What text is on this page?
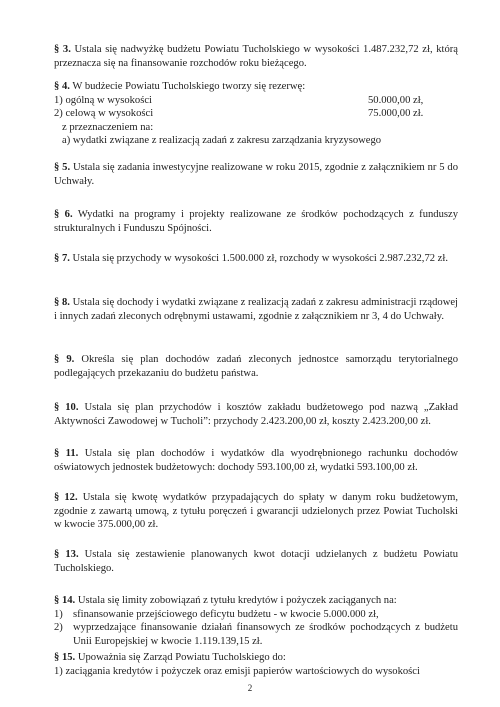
§ 3. Ustala się nadwyżkę budżetu Powiatu Tucholskiego w wysokości 1.487.232,72 zł, którą przeznacza się na finansowanie rozchodów roku bieżącego.

§ 4. W budżecie Powiatu Tucholskiego tworzy się rezerwę:
1) ogólną w wysokości	50.000,00 zł,
2) celową w wysokości	75.000,00 zł.
z przeznaczeniem na:
a) wydatki związane z realizacją zadań z zakresu zarządzania kryzysowego

§ 5. Ustala się zadania inwestycyjne realizowane w roku 2015, zgodnie z załącznikiem nr 5 do Uchwały.

§ 6. Wydatki na programy i projekty realizowane ze środków pochodzących z funduszy strukturalnych i Funduszu Spójności.

§ 7. Ustala się przychody w wysokości 1.500.000 zł, rozchody w wysokości 2.987.232,72 zł.

§ 8. Ustala się dochody i wydatki związane z realizacją zadań z zakresu administracji rządowej i innych zadań zleconych odrębnymi ustawami, zgodnie z załącznikiem nr 3, 4 do Uchwały.

§ 9. Określa się plan dochodów zadań zleconych jednostce samorządu terytorialnego podlegających przekazaniu do budżetu państwa.

§ 10. Ustala się plan przychodów i kosztów zakładu budżetowego pod nazwą „Zakład Aktywności Zawodowej w Tucholi”: przychody 2.423.200,00 zł, koszty 2.423.200,00 zł.

§ 11. Ustala się plan dochodów i wydatków dla wyodrębnionego rachunku dochodów oświatowych jednostek budżetowych: dochody 593.100,00 zł, wydatki 593.100,00 zł.

§ 12. Ustala się kwotę wydatków przypadających do spłaty w danym roku budżetowym, zgodnie z zawartą umową, z tytułu poręczeń i gwarancji udzielonych przez Powiat Tucholski w kwocie 375.000,00 zł.

§ 13. Ustala się zestawienie planowanych kwot dotacji udzielanych z budżetu Powiatu Tucholskiego.

§ 14. Ustala się limity zobowiązań z tytułu kredytów i pożyczek zaciąganych na:
1) sfinansowanie przejściowego deficytu budżetu - w kwocie 5.000.000 zł,
2) wyprzedzające finansowanie działań finansowych ze środków pochodzących z budżetu Unii Europejskiej w kwocie 1.119.139,15 zł.
§ 15. Upoważnia się Zarząd Powiatu Tucholskiego do:
1) zaciągania kredytów i pożyczek oraz emisji papierów wartościowych do wysokości
2
